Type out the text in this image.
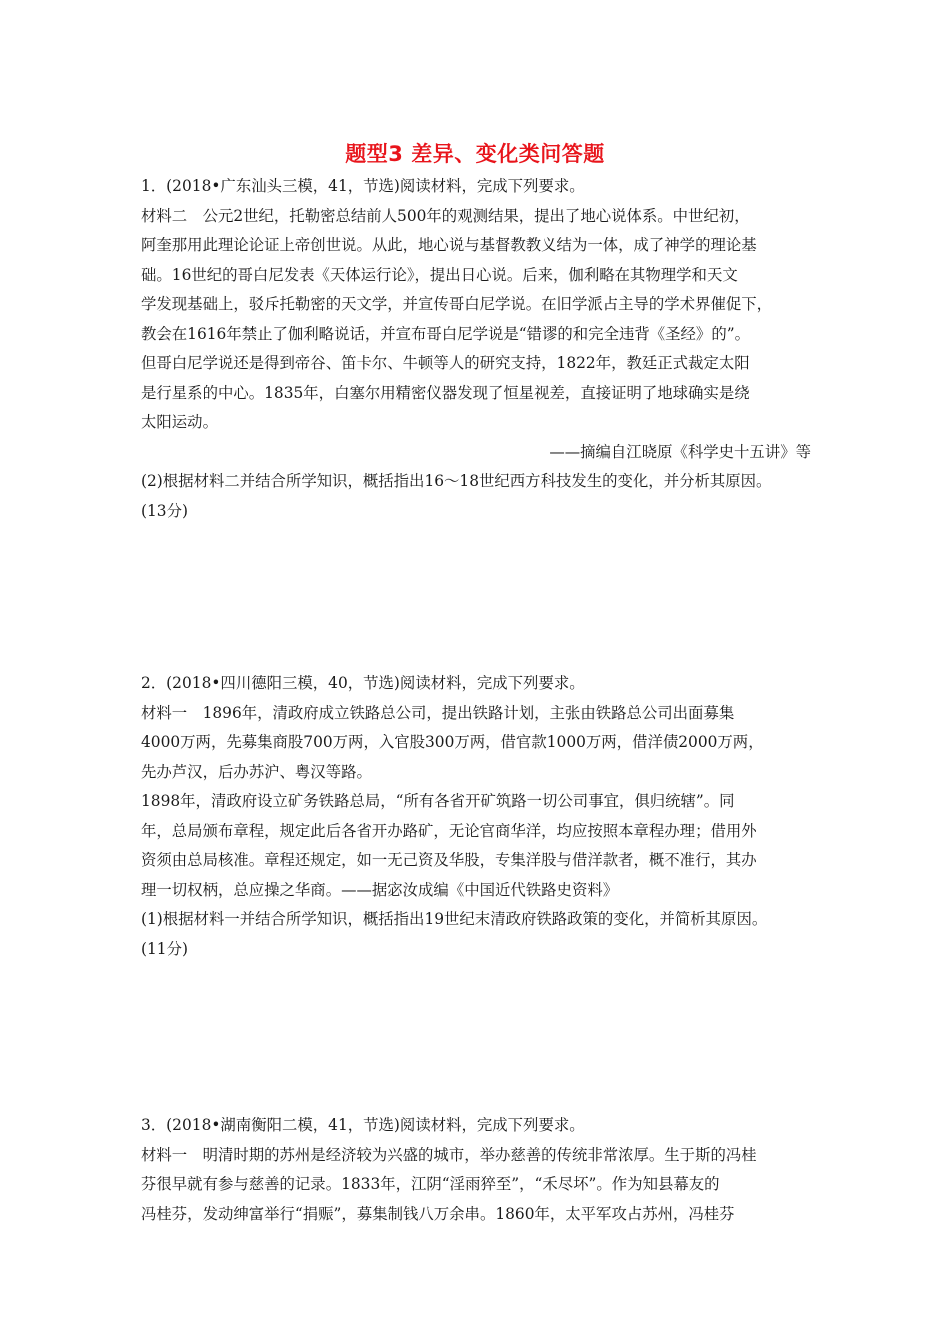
题型3 差异、变化类问答题

1．(2018•广东汕头三模，41，节选)阅读材料，完成下列要求。

材料二　公元2世纪，托勒密总结前人500年的观测结果，提出了地心说体系。中世纪初，

阿奎那用此理论论证上帝创世说。从此，地心说与基督教教义结为一体，成了神学的理论基

础。16世纪的哥白尼发表《天体运行论》，提出日心说。后来，伽利略在其物理学和天文

学发现基础上，驳斥托勒密的天文学，并宣传哥白尼学说。在旧学派占主导的学术界催促下，

教会在1616年禁止了伽利略说话，并宣布哥白尼学说是“错谬的和完全违背《圣经》的”。

但哥白尼学说还是得到帝谷、笛卡尔、牛顿等人的研究支持，1822年，教廷正式裁定太阳

是行星系的中心。1835年，白塞尔用精密仪器发现了恒星视差，直接证明了地球确实是绕

太阳运动。

——摘编自江晓原《科学史十五讲》等

(2)根据材料二并结合所学知识，概括指出16～18世纪西方科技发生的变化，并分析其原因。

(13分)

2．(2018•四川德阳三模，40，节选)阅读材料，完成下列要求。

材料一　1896年，清政府成立铁路总公司，提出铁路计划，主张由铁路总公司出面募集

4000万两，先募集商股700万两，入官股300万两，借官款1000万两，借洋债2000万两，

先办芦汉，后办苏沪、粤汉等路。

1898年，清政府设立矿务铁路总局，“所有各省开矿筑路一切公司事宜，俱归统辖”。同

年，总局颁布章程，规定此后各省开办路矿，无论官商华洋，均应按照本章程办理；借用外

资须由总局核准。章程还规定，如一无己资及华股，专集洋股与借洋款者，概不准行，其办

理一切权柄，总应操之华商。——据宓汝成编《中国近代铁路史资料》

(1)根据材料一并结合所学知识，概括指出19世纪末清政府铁路政策的变化，并简析其原因。

(11分)

3．(2018•湖南衡阳二模，41，节选)阅读材料，完成下列要求。

材料一　明清时期的苏州是经济较为兴盛的城市，举办慈善的传统非常浓厚。生于斯的冯桂

芬很早就有参与慈善的记录。1833年，江阴“淫雨猝至”，“禾尽坏”。作为知县幕友的

冯桂芬，发动绅富举行“捐赈”，募集制钱八万余串。1860年，太平军攻占苏州，冯桂芬
